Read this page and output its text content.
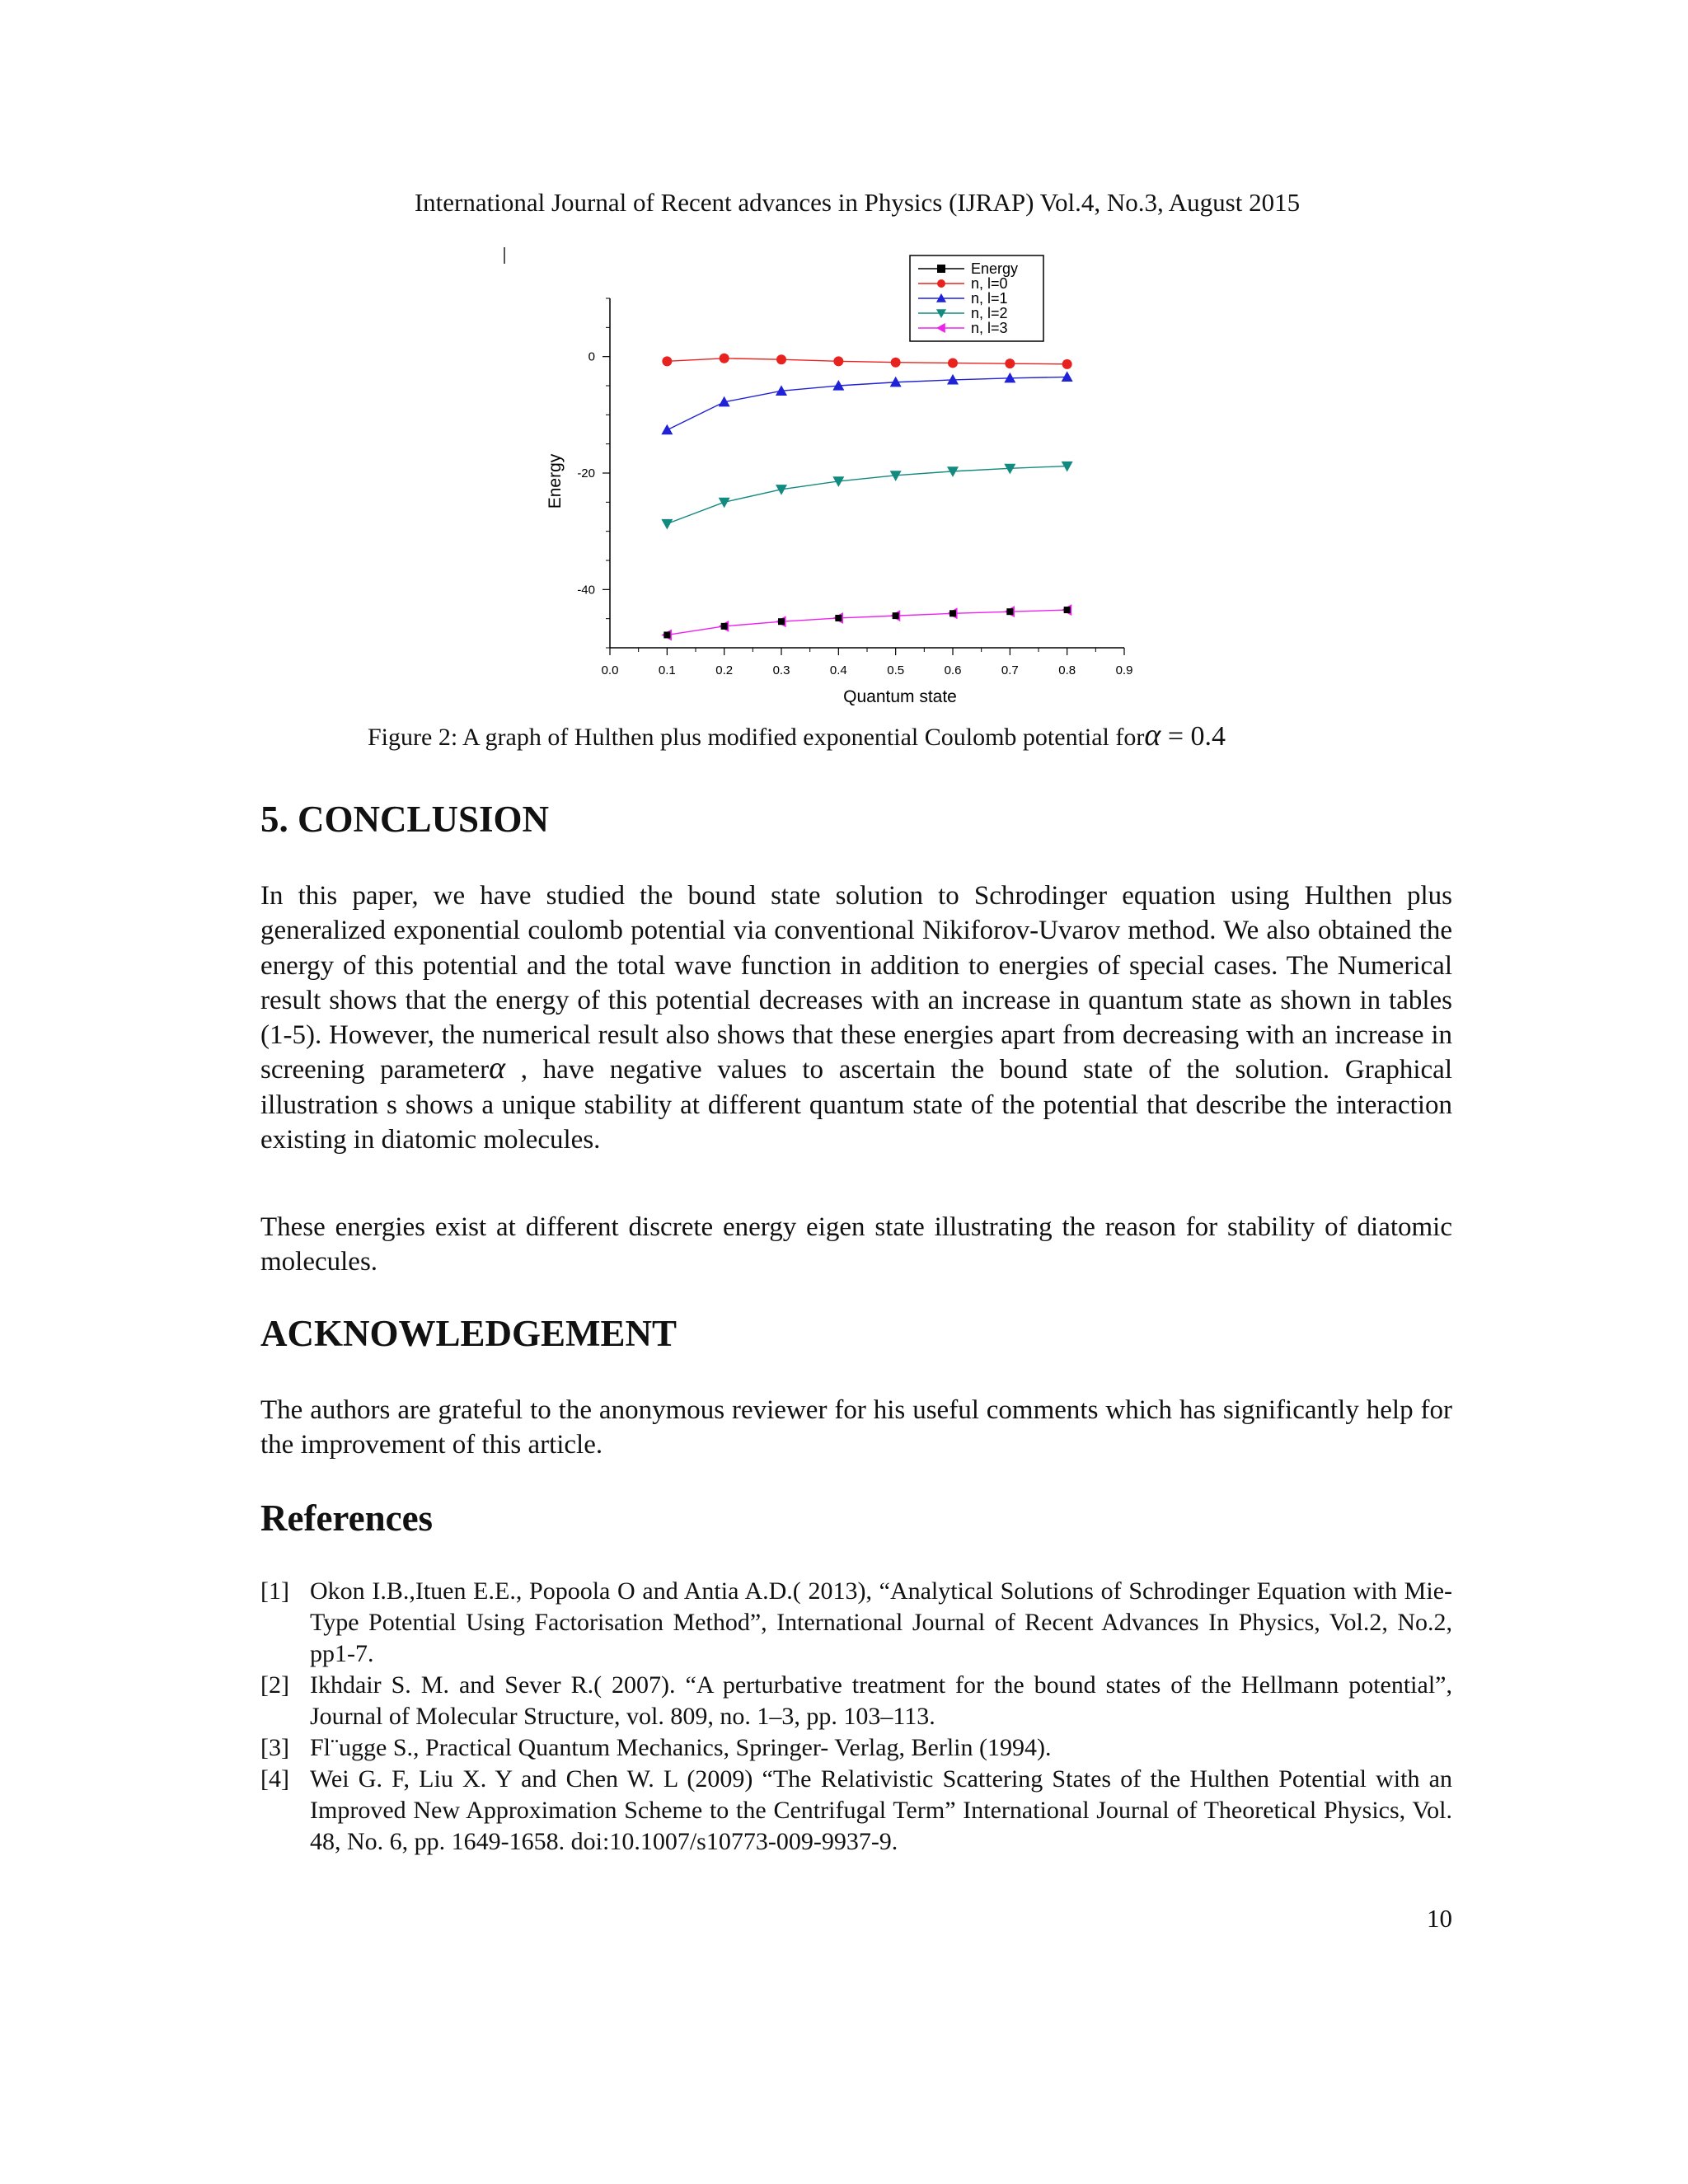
International Journal of Recent advances in Physics (IJRAP) Vol.4, No.3, August 2015
0.0	0.1	0.2	0.3	0.4	0.5	0.6	0.7	0.8	0.9
0
-20
-40
Quantum state
Energy
Energy
n, l=0
n, l=1
n, l=2
n, l=3
Figure 2: A graph of Hulthen plus modified exponential Coulomb potential forα = 0.4
5. CONCLUSION

In this paper, we have studied the bound state solution to Schrodinger equation using Hulthen plus generalized exponential coulomb potential via conventional Nikiforov-Uvarov method. We also obtained the energy of this potential and the total wave function in addition to energies of special cases. The Numerical result shows that the energy of this potential decreases with an increase in quantum state as shown in tables (1-5). However, the numerical result also shows that these energies apart from decreasing with an increase in screening parameterα , have negative values to ascertain the bound state of the solution. Graphical illustration s shows a unique stability at different quantum state of the potential that describe the interaction existing in diatomic molecules.

These energies exist at different discrete energy eigen state illustrating the reason for stability of diatomic molecules.

ACKNOWLEDGEMENT

The authors are grateful to the anonymous reviewer for his useful comments which has significantly help for the improvement of this article.

References
[1] Okon I.B.,Ituen E.E., Popoola O and Antia A.D.( 2013), “Analytical Solutions of Schrodinger Equation with Mie-Type Potential Using Factorisation Method”, International Journal of Recent Advances In Physics, Vol.2, No.2, pp1-7.
[2] Ikhdair S. M. and Sever R.( 2007). “A perturbative treatment for the bound states of the Hellmann potential”, Journal of Molecular Structure, vol. 809, no. 1–3, pp. 103–113.
[3] Fl¨ugge S., Practical Quantum Mechanics, Springer- Verlag, Berlin (1994).
[4] Wei G. F, Liu X. Y and Chen W. L (2009) “The Relativistic Scattering States of the Hulthen Potential with an Improved New Approximation Scheme to the Centrifugal Term” International Journal of Theoretical Physics, Vol. 48, No. 6, pp. 1649-1658. doi:10.1007/s10773-009-9937-9.
10
